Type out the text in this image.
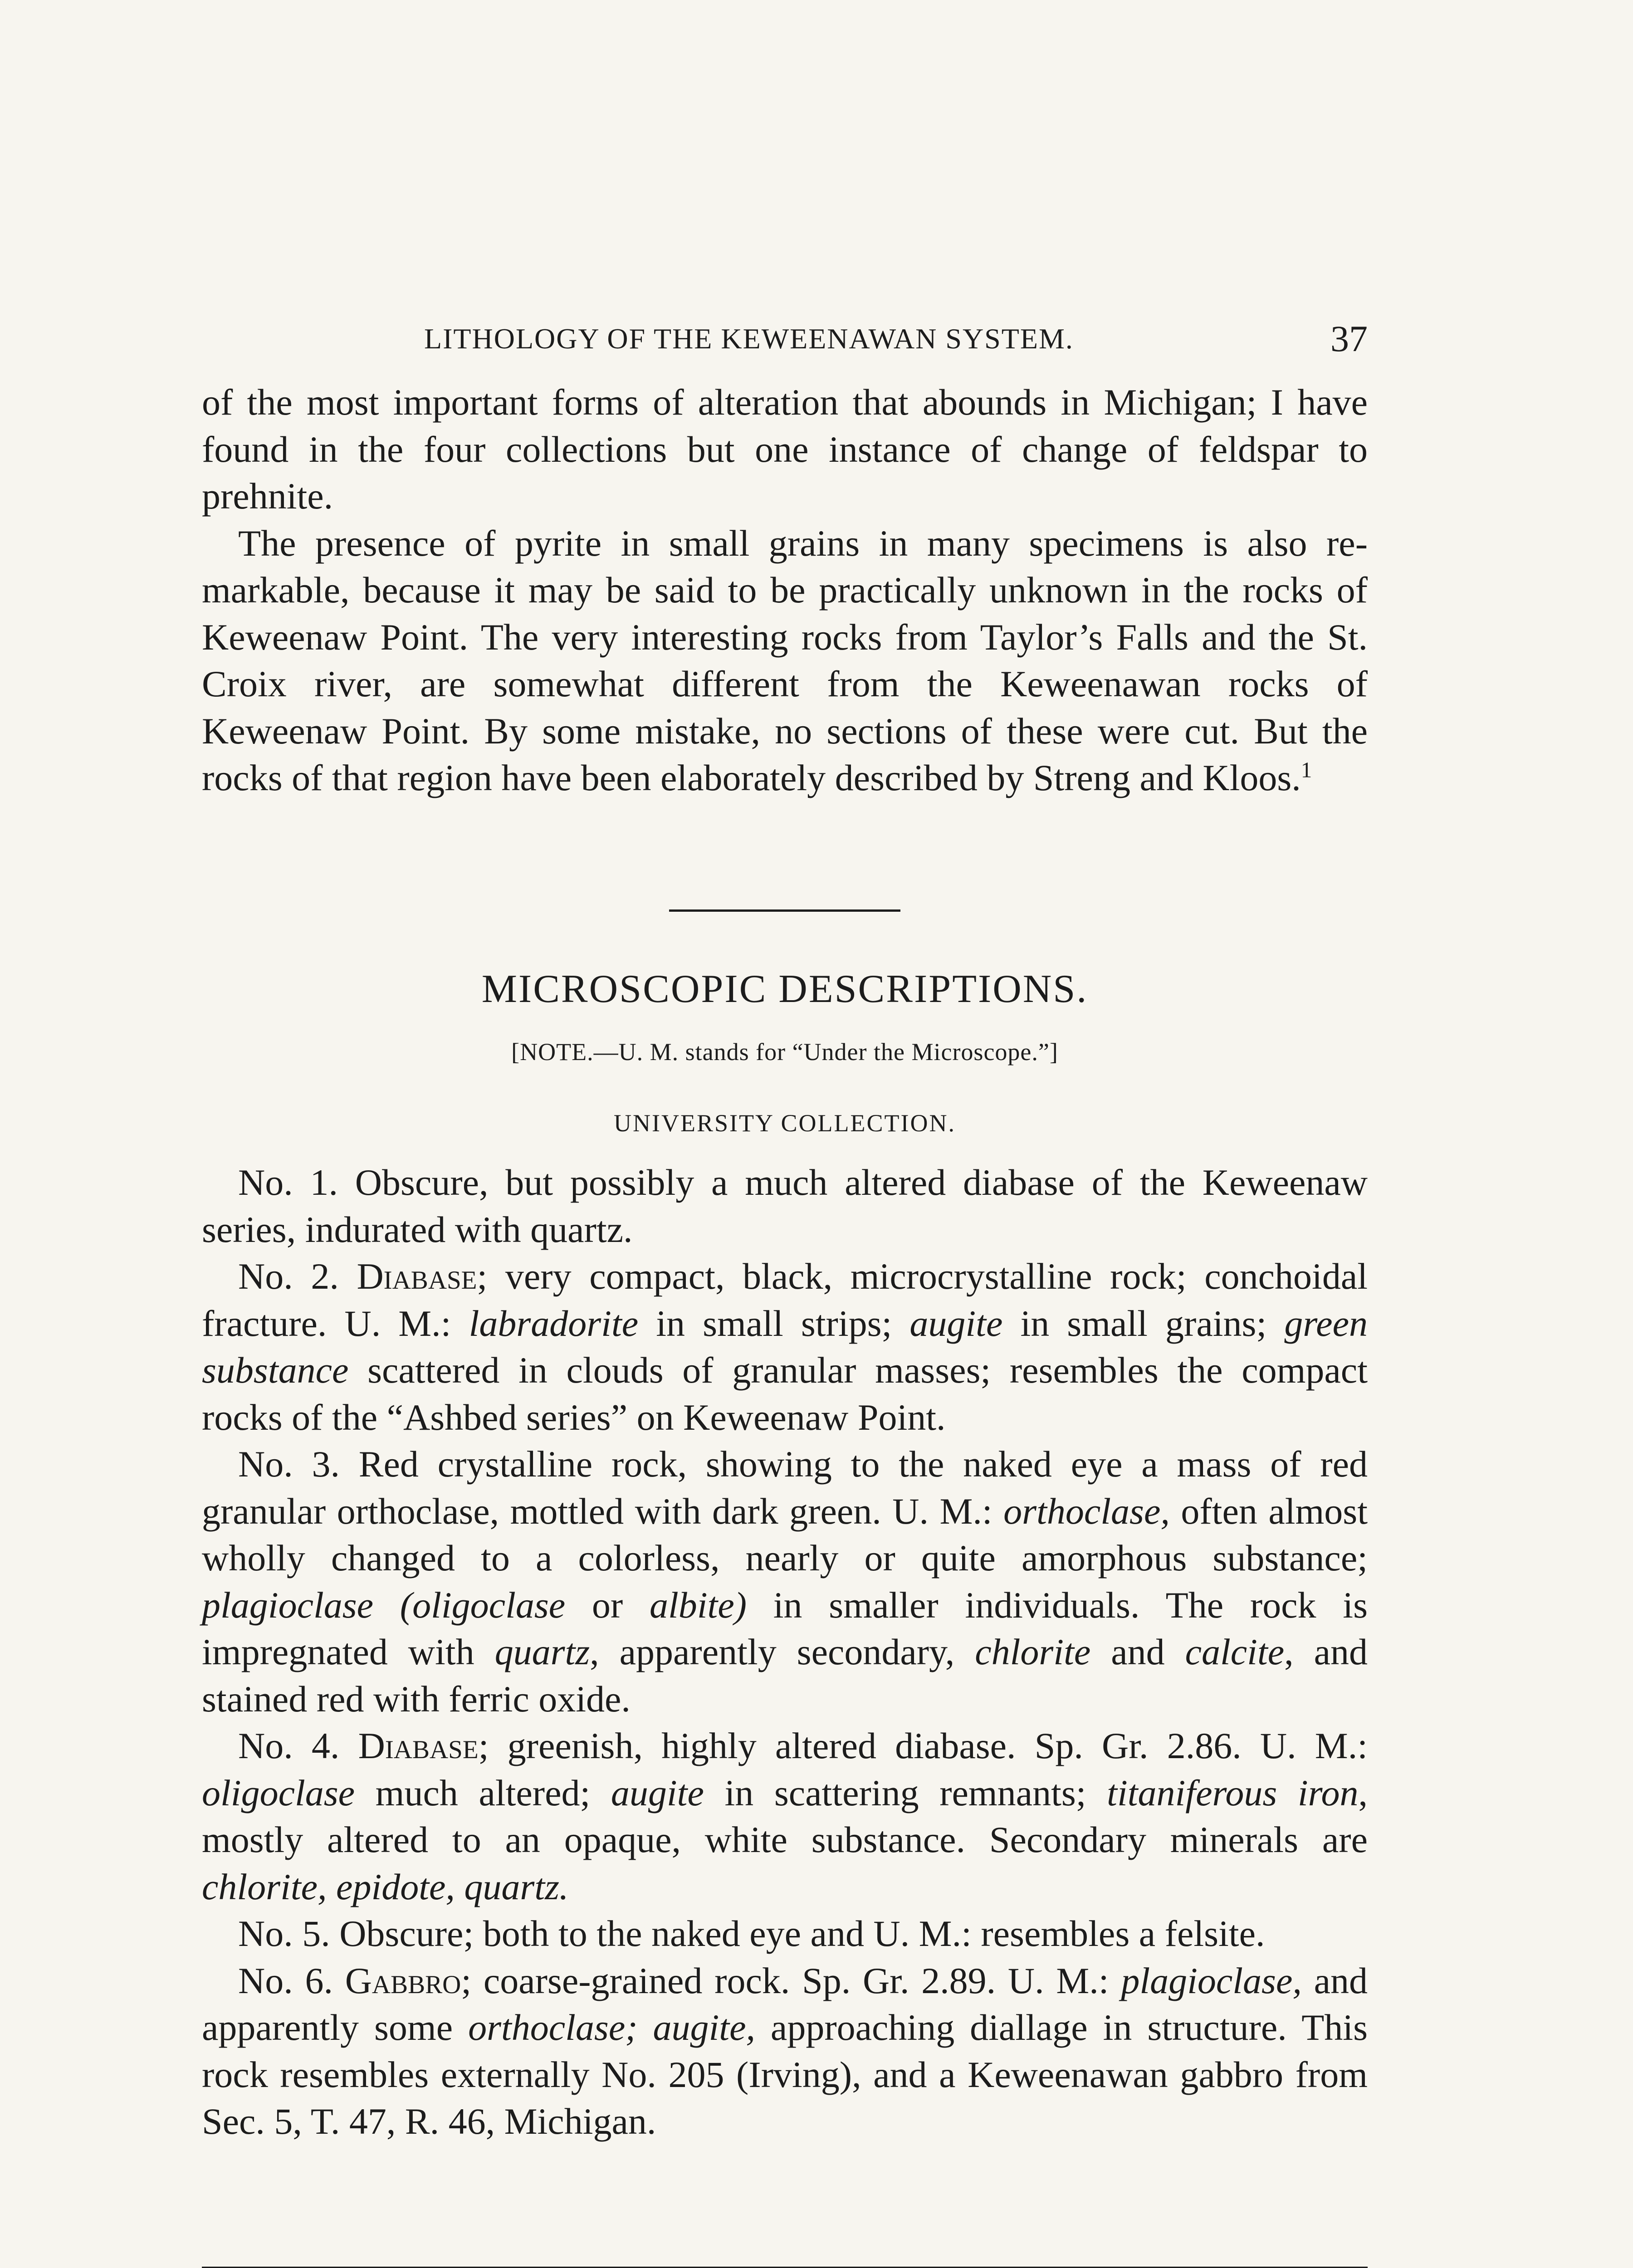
LITHOLOGY OF THE KEWEENAWAN SYSTEM.	37

of the most important forms of alteration that abounds in Michigan; I have found in the four collections but one instance of change of feldspar to prehnite.

The presence of pyrite in small grains in many specimens is also remarkable, because it may be said to be practically unknown in the rocks of Keweenaw Point. The very interesting rocks from Taylor’s Falls and the St. Croix river, are somewhat different from the Keweenawan rocks of Keweenaw Point. By some mistake, no sections of these were cut. But the rocks of that region have been elaborately described by Streng and Kloos.$^1$

MICROSCOPIC DESCRIPTIONS.
[NOTE.—U. M. stands for “Under the Microscope.”]
UNIVERSITY COLLECTION.

No. 1. Obscure, but possibly a much altered diabase of the Keweenaw series, indurated with quartz.

No. 2. Diabase; very compact, black, microcrystalline rock; conchoidal fracture. U. M.: labradorite in small strips; augite in small grains; green substance scattered in clouds of granular masses; resembles the compact rocks of the “Ashbed series” on Keweenaw Point.

No. 3. Red crystalline rock, showing to the naked eye a mass of red granular orthoclase, mottled with dark green. U. M.: orthoclase, often almost wholly changed to a colorless, nearly or quite amorphous substance; plagioclase (oligoclase or albite) in smaller individuals. The rock is impregnated with quartz, apparently secondary, chlorite and calcite, and stained red with ferric oxide.

No. 4. Diabase; greenish, highly altered diabase. Sp. Gr. 2.86. U. M.: oligoclase much altered; augite in scattering remnants; titaniferous iron, mostly altered to an opaque, white substance. Secondary minerals are chlorite, epidote, quartz.

No. 5. Obscure; both to the naked eye and U. M.: resembles a felsite.

No. 6. Gabbro; coarse-grained rock. Sp. Gr. 2.89. U. M.: plagioclase, and apparently some orthoclase; augite, approaching diallage in structure. This rock resembles externally No. 205 (Irving), and a Keweenawan gabbro from Sec. 5, T. 47, R. 46, Michigan.
